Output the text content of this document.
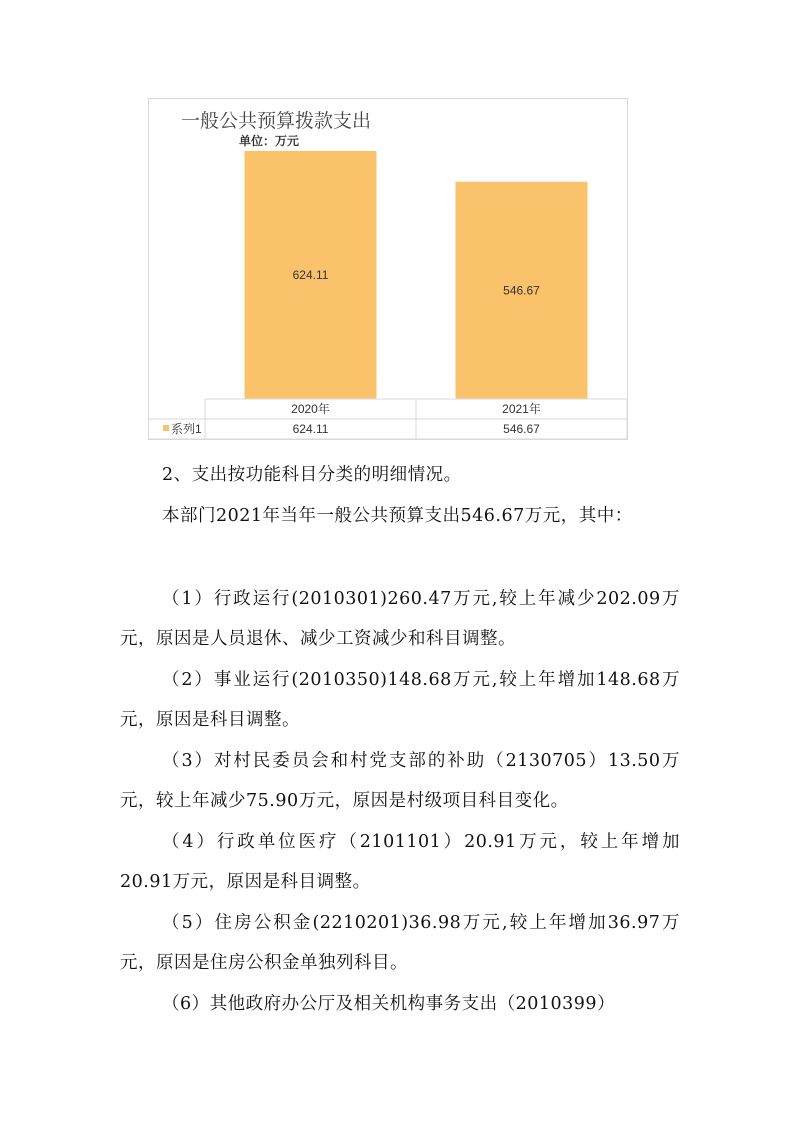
一般公共预算拨款支出
单位：万元
624.11
546.67
系列1
2020年
624.11
2021年
546.67

2、支出按功能科目分类的明细情况。

本部门2021年当年一般公共预算支出546.67万元，其中：

（1）行政运行(2010301)260.47万元,较上年减少202.09万元，原因是人员退休、减少工资减少和科目调整。

（2）事业运行(2010350)148.68万元,较上年增加148.68万元，原因是科目调整。

（3）对村民委员会和村党支部的补助（2130705）13.50万元，较上年减少75.90万元，原因是村级项目科目变化。

（4）行政单位医疗（2101101）20.91万元，较上年增加20.91万元，原因是科目调整。

（5）住房公积金(2210201)36.98万元,较上年增加36.97万元，原因是住房公积金单独列科目。

（6）其他政府办公厅及相关机构事务支出（2010399）
